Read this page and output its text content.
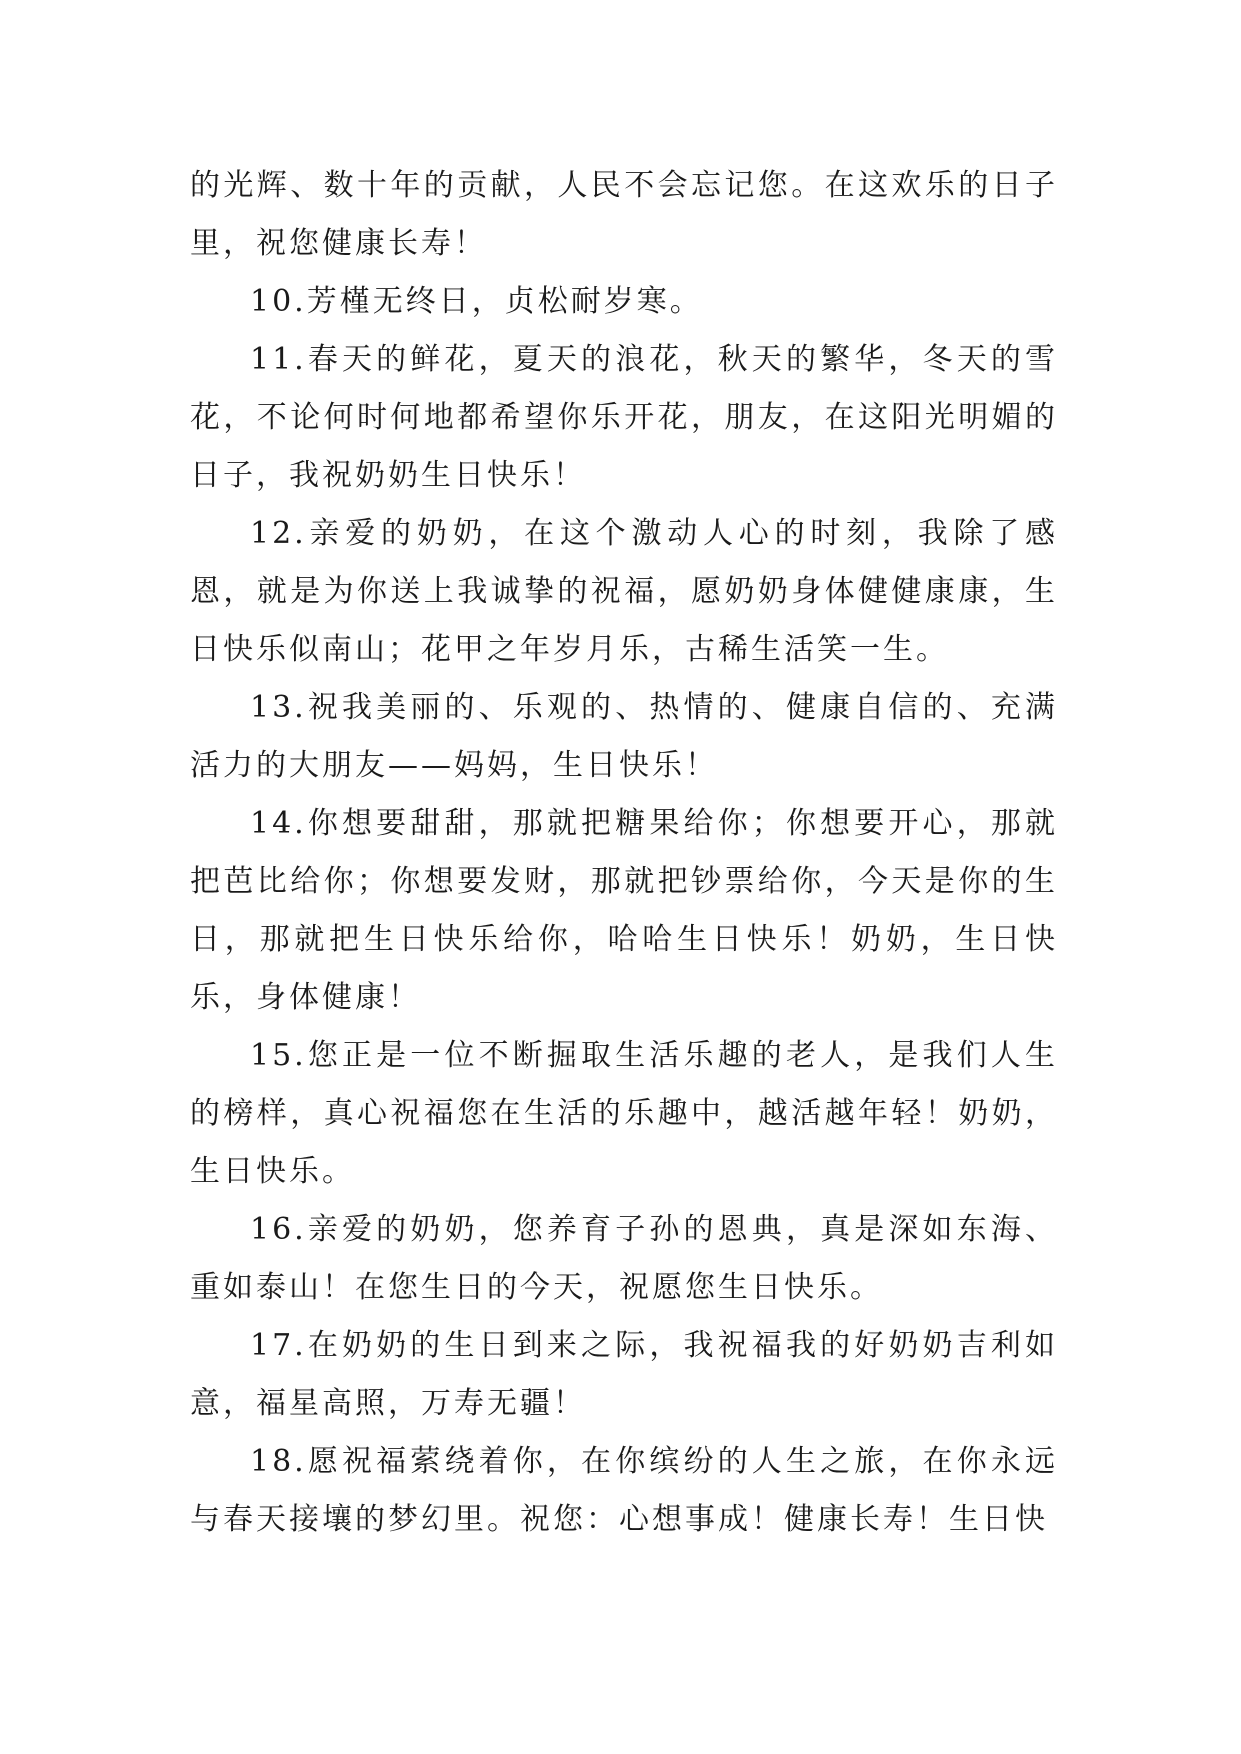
的光辉、数十年的贡献，人民不会忘记您。在这欢乐的日子里，祝您健康长寿！

10.芳槿无终日，贞松耐岁寒。

11.春天的鲜花，夏天的浪花，秋天的繁华，冬天的雪花，不论何时何地都希望你乐开花，朋友，在这阳光明媚的日子，我祝奶奶生日快乐！

12.亲爱的奶奶，在这个激动人心的时刻，我除了感恩，就是为你送上我诚挚的祝福，愿奶奶身体健健康康，生日快乐似南山；花甲之年岁月乐，古稀生活笑一生。

13.祝我美丽的、乐观的、热情的、健康自信的、充满活力的大朋友——妈妈，生日快乐！

14.你想要甜甜，那就把糖果给你；你想要开心，那就把芭比给你；你想要发财，那就把钞票给你，今天是你的生日，那就把生日快乐给你，哈哈生日快乐！奶奶，生日快乐，身体健康！

15.您正是一位不断掘取生活乐趣的老人，是我们人生的榜样，真心祝福您在生活的乐趣中，越活越年轻！奶奶，生日快乐。

16.亲爱的奶奶，您养育子孙的恩典，真是深如东海、重如泰山！在您生日的今天，祝愿您生日快乐。

17.在奶奶的生日到来之际，我祝福我的好奶奶吉利如意，福星高照，万寿无疆！

18.愿祝福萦绕着你，在你缤纷的人生之旅，在你永远与春天接壤的梦幻里。祝您：心想事成！健康长寿！生日快
